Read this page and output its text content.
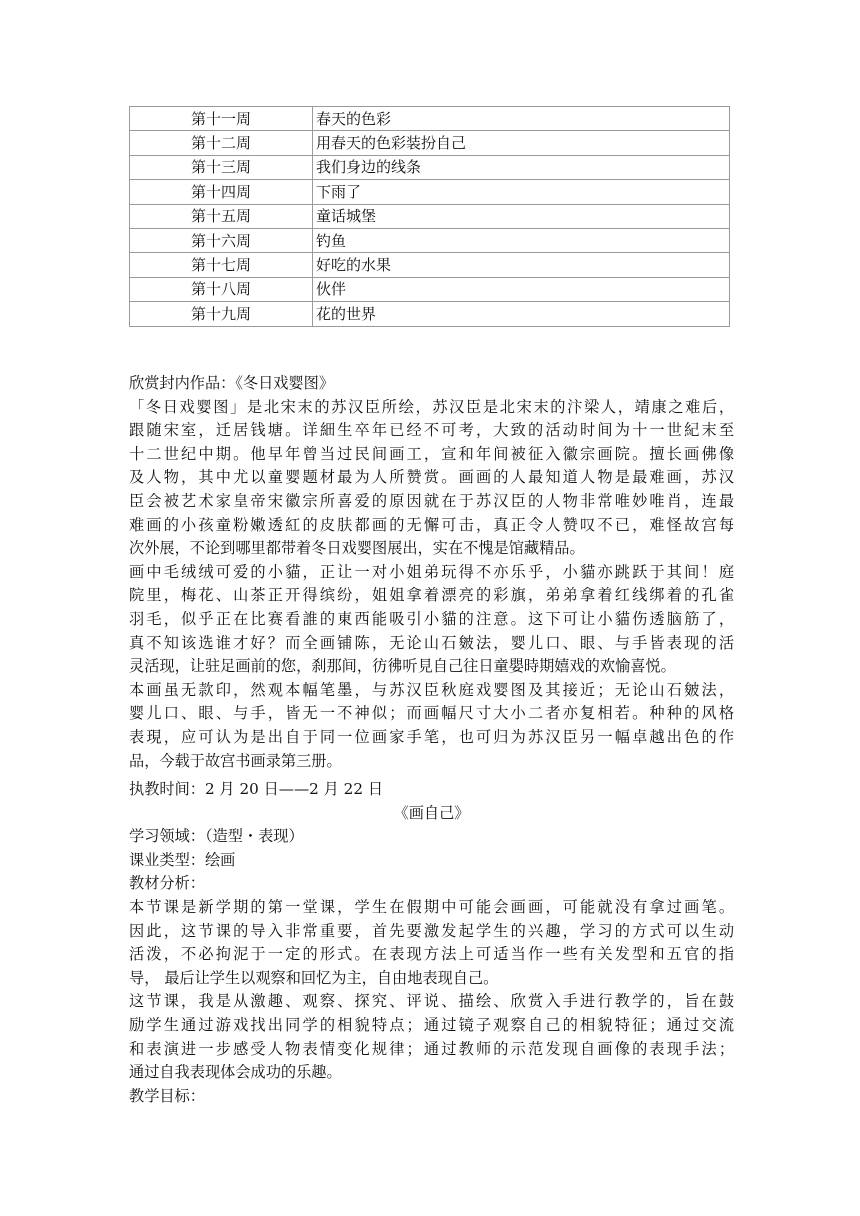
第十一周	春天的色彩
第十二周	用春天的色彩装扮自己
第十三周	我们身边的线条
第十四周	下雨了
第十五周	童话城堡
第十六周	钓鱼
第十七周	好吃的水果
第十八周	伙伴
第十九周	花的世界
欣赏封内作品：《冬日戏婴图》
「冬日戏婴图」是北宋末的苏汉臣所绘，苏汉臣是北宋末的汴梁人，靖康之难后，
跟随宋室，迁居钱塘。详細生卒年已经不可考，大致的活动时间为十一世紀末至
十二世纪中期。他早年曾当过民间画工，宣和年间被征入徽宗画院。擅长画佛像
及人物，其中尤以童婴题材最为人所赞赏。画画的人最知道人物是最难画，苏汉
臣会被艺术家皇帝宋徽宗所喜爱的原因就在于苏汉臣的人物非常唯妙唯肖，连最
难画的小孩童粉嫩透紅的皮肤都画的无懈可击，真正令人赞叹不已，难怪故宫每
次外展，不论到哪里都带着冬日戏婴图展出，实在不愧是馆藏精品。
画中毛绒绒可爱的小貓，正让一对小姐弟玩得不亦乐乎，小貓亦跳跃于其间！庭
院里，梅花、山茶正开得缤纷，姐姐拿着漂亮的彩旗，弟弟拿着红线绑着的孔雀
羽毛，似乎正在比赛看誰的東西能吸引小貓的注意。这下可让小貓伤透脑筋了，
真不知该选谁才好？而全画铺陈，无论山石皴法，婴儿口、眼、与手皆表现的活
灵活现，让驻足画前的您，刹那间，彷彿听見自己往日童嬰時期嬉戏的欢愉喜悦。
本画虽无款印，然观本幅笔墨，与苏汉臣秋庭戏婴图及其接近；无论山石皴法，
婴儿口、眼、与手，皆无一不神似；而画幅尺寸大小二者亦复相若。种种的风格
表現，应可认为是出自于同一位画家手笔，也可归为苏汉臣另一幅卓越出色的作
品，今载于故宫书画录第三册。
执教时间：2 月 20 日——2 月 22 日
《画自己》
学习领域：（造型・表现）
课业类型：绘画
教材分析：
本节课是新学期的第一堂课，学生在假期中可能会画画，可能就没有拿过画笔。
因此，这节课的导入非常重要，首先要激发起学生的兴趣，学习的方式可以生动
活泼，不必拘泥于一定的形式。在表现方法上可适当作一些有关发型和五官的指
导， 最后让学生以观察和回忆为主，自由地表现自己。
这节课，我是从激趣、观察、探究、评说、描绘、欣赏入手进行教学的，旨在鼓
励学生通过游戏找出同学的相貌特点；通过镜子观察自己的相貌特征；通过交流
和表演进一步感受人物表情变化规律；通过教师的示范发现自画像的表现手法；
通过自我表现体会成功的乐趣。
教学目标：
